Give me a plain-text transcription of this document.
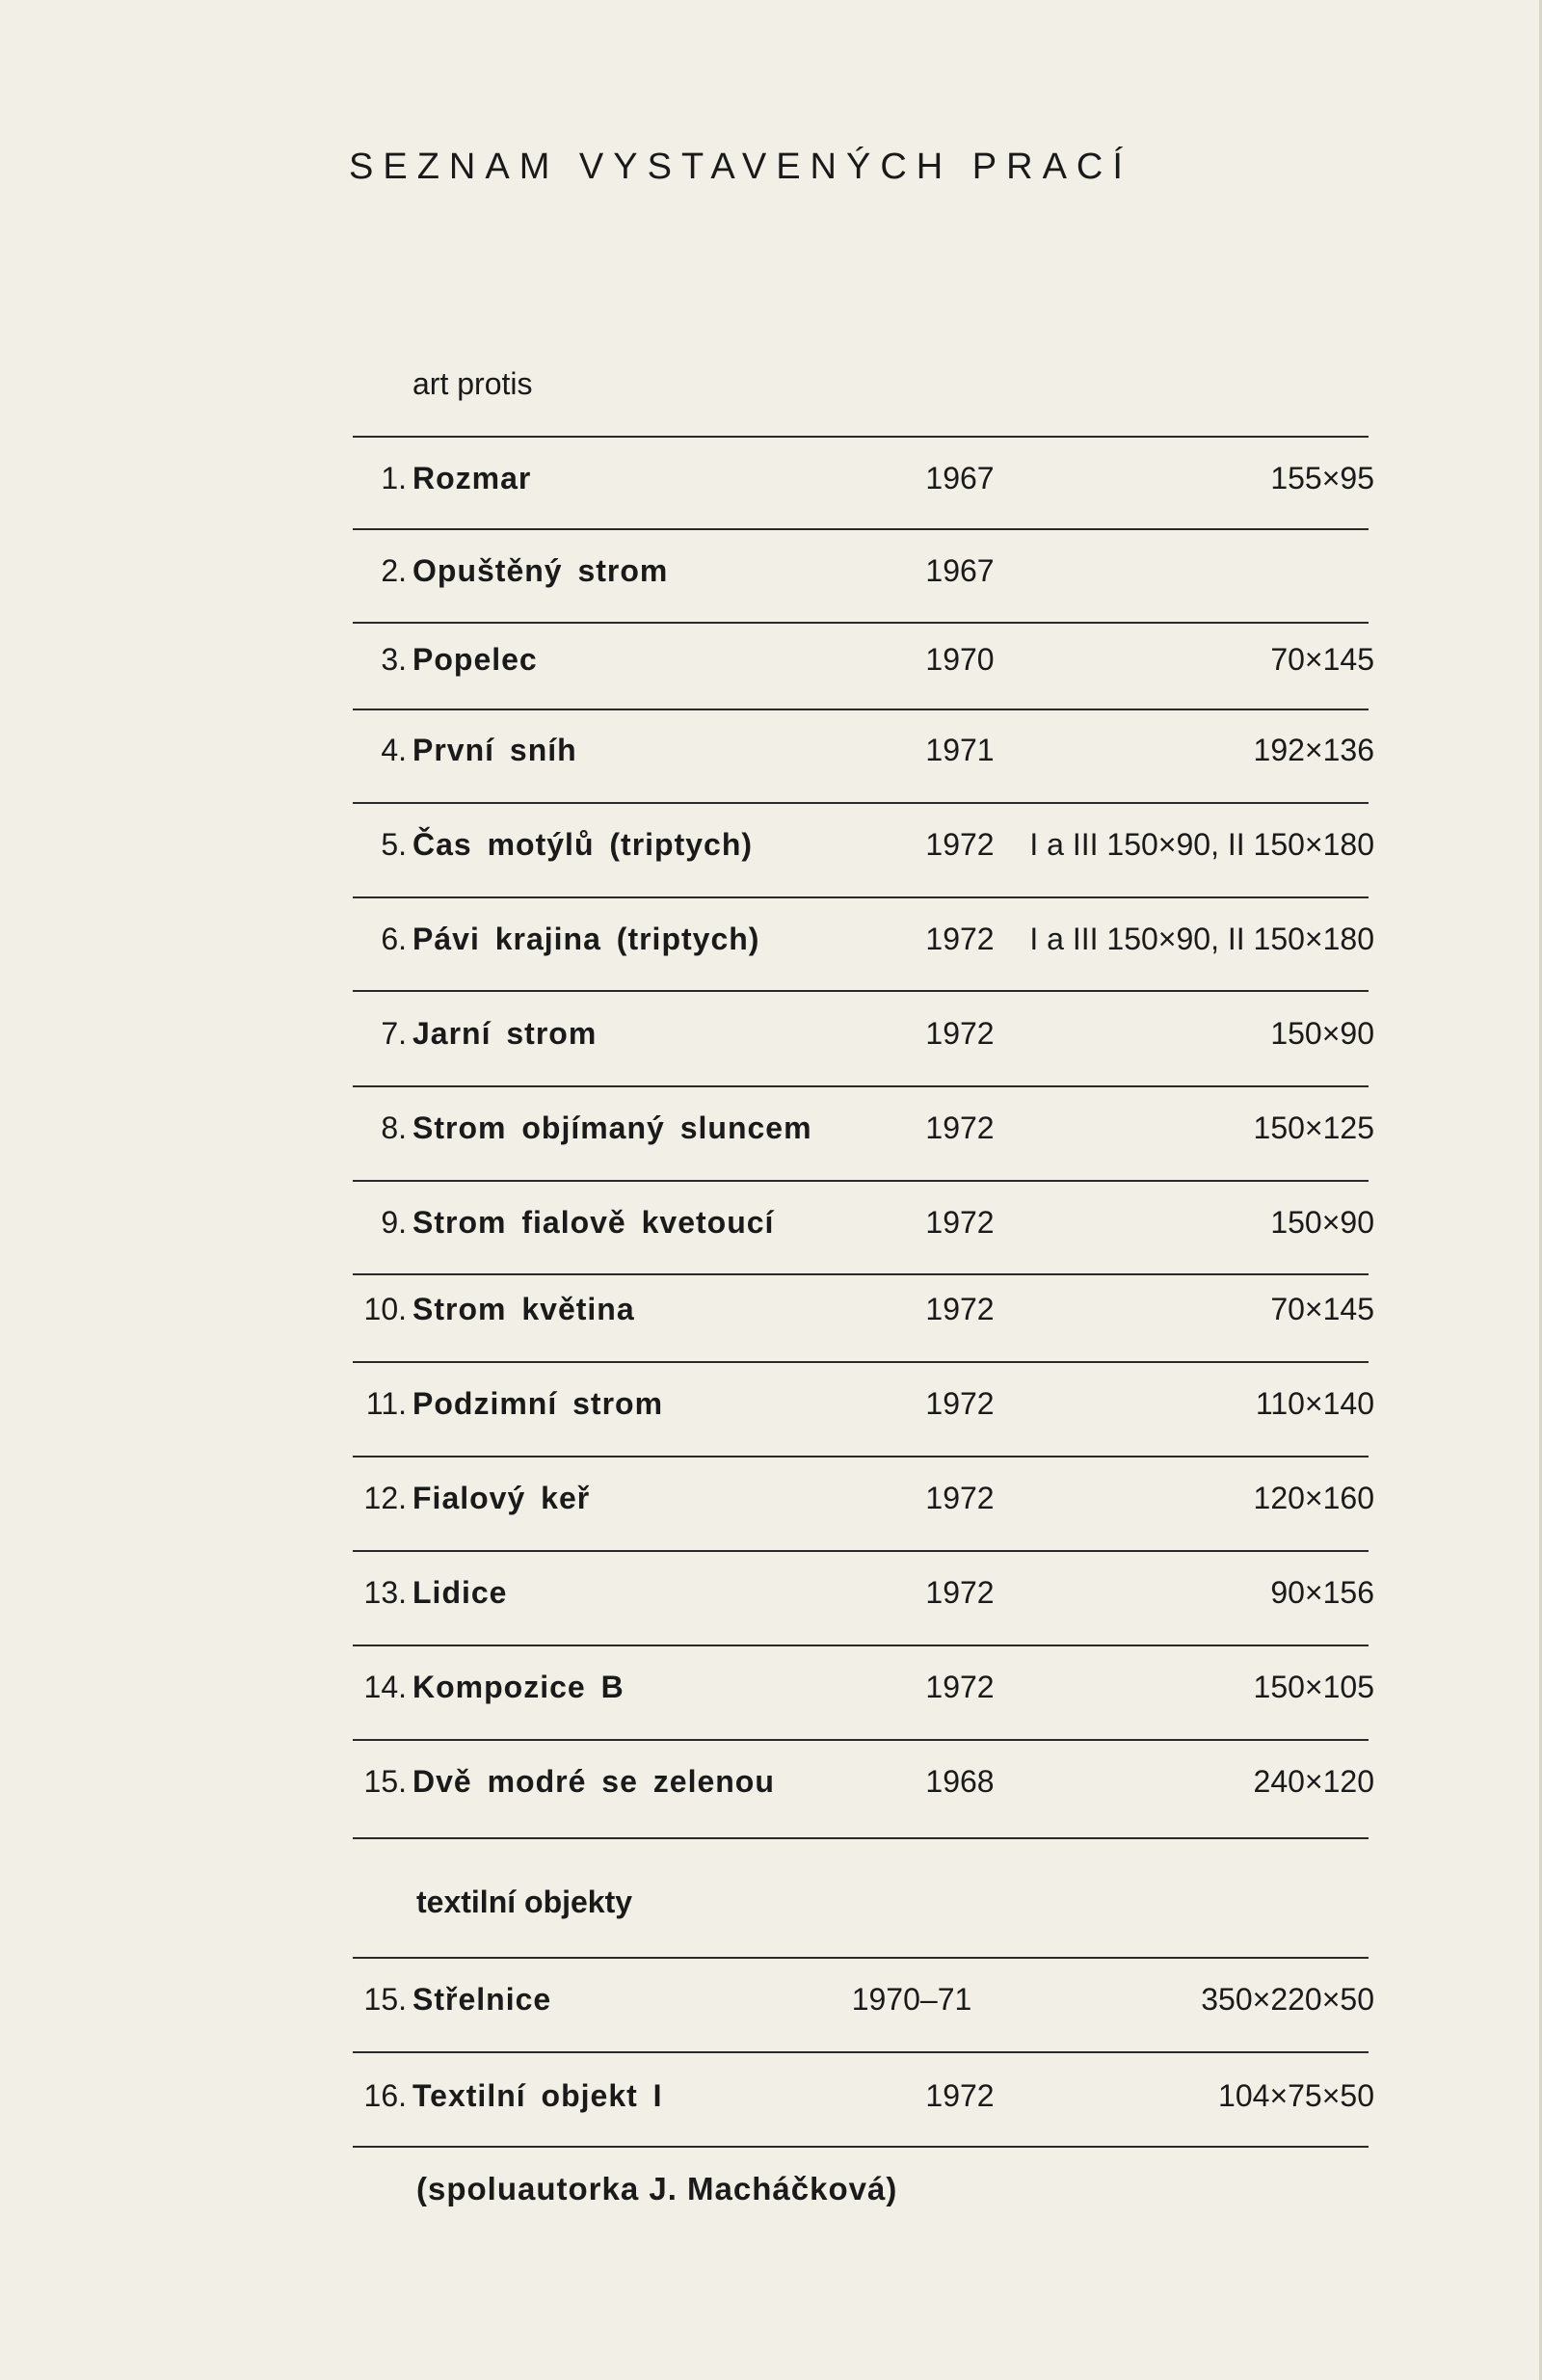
SEZNAM VYSTAVENÝCH PRACÍ
art protis
1. Rozmar	1967	155×95
2. Opuštěný strom	1967
3. Popelec	1970	70×145
4. První sníh	1971	192×136
5. Čas motýlů (triptych)	1972	I a III 150×90, II 150×180
6. Pávi krajina (triptych)	1972	I a III 150×90, II 150×180
7. Jarní strom	1972	150×90
8. Strom objímaný sluncem	1972	150×125
9. Strom fialově kvetoucí	1972	150×90
10. Strom květina	1972	70×145
11. Podzimní strom	1972	110×140
12. Fialový keř	1972	120×160
13. Lidice	1972	90×156
14. Kompozice B	1972	150×105
15. Dvě modré se zelenou	1968	240×120
textilní objekty
15. Střelnice	1970–71	350×220×50
16. Textilní objekt I	1972	104×75×50
(spoluautorka J. Macháčková)
